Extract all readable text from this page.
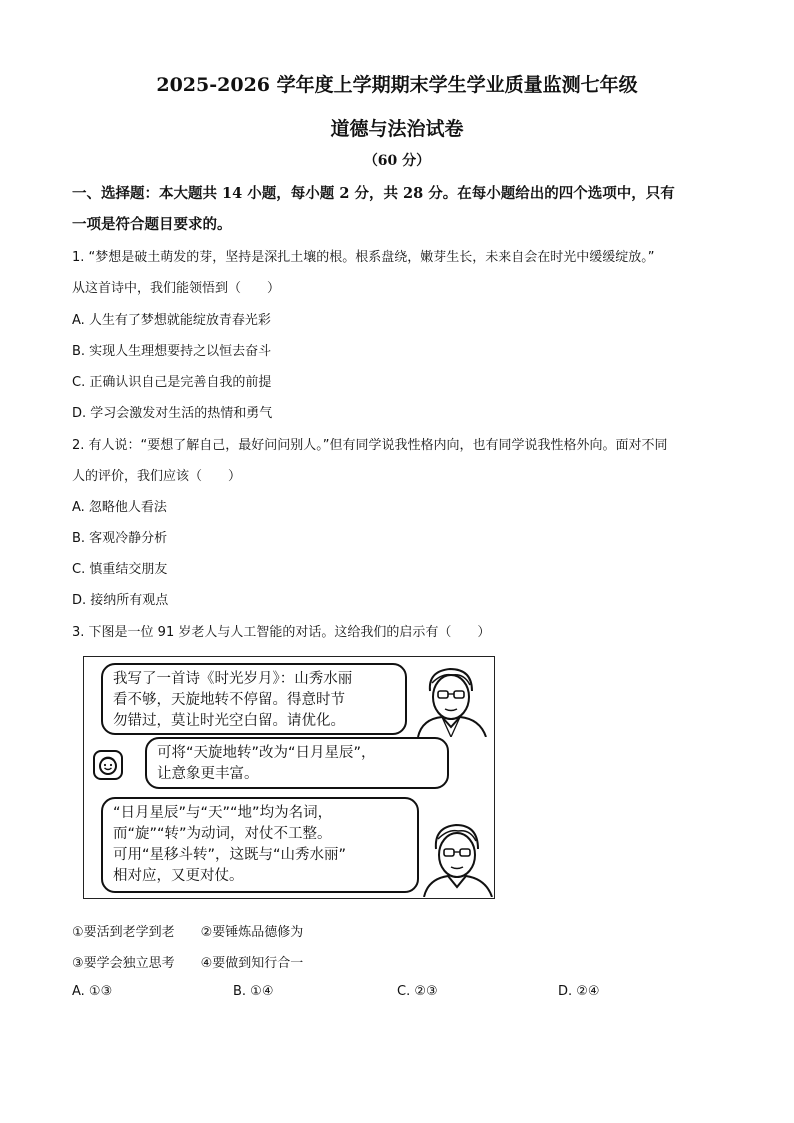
2025-2026 学年度上学期期末学生学业质量监测七年级
道德与法治试卷
（60 分）
一、选择题：本大题共 14 小题，每小题 2 分，共 28 分。在每小题给出的四个选项中，只有
一项是符合题目要求的。
1. “梦想是破土萌发的芽，坚持是深扎土壤的根。根系盘绕，嫩芽生长，未来自会在时光中缓缓绽放。”
从这首诗中，我们能领悟到（　　）
A. 人生有了梦想就能绽放青春光彩
B. 实现人生理想要持之以恒去奋斗
C. 正确认识自己是完善自我的前提
D. 学习会激发对生活的热情和勇气
2. 有人说：“要想了解自己，最好问问别人。”但有同学说我性格内向，也有同学说我性格外向。面对不同
人的评价，我们应该（　　）
A. 忽略他人看法
B. 客观冷静分析
C. 慎重结交朋友
D. 接纳所有观点
3. 下图是一位 91 岁老人与人工智能的对话。这给我们的启示有（　　）
我写了一首诗《时光岁月》：山秀水丽
看不够，天旋地转不停留。得意时节
勿错过，莫让时光空白留。请优化。
可将“天旋地转”改为“日月星辰”，
让意象更丰富。
“日月星辰”与“天”“地”均为名词，
而“旋”“转”为动词，对仗不工整。
可用“星移斗转”，这既与“山秀水丽”
相对应，又更对仗。
①要活到老学到老　　②要锤炼品德修为
③要学会独立思考　　④要做到知行合一
A. ①③	B. ①④	C. ②③	D. ②④
